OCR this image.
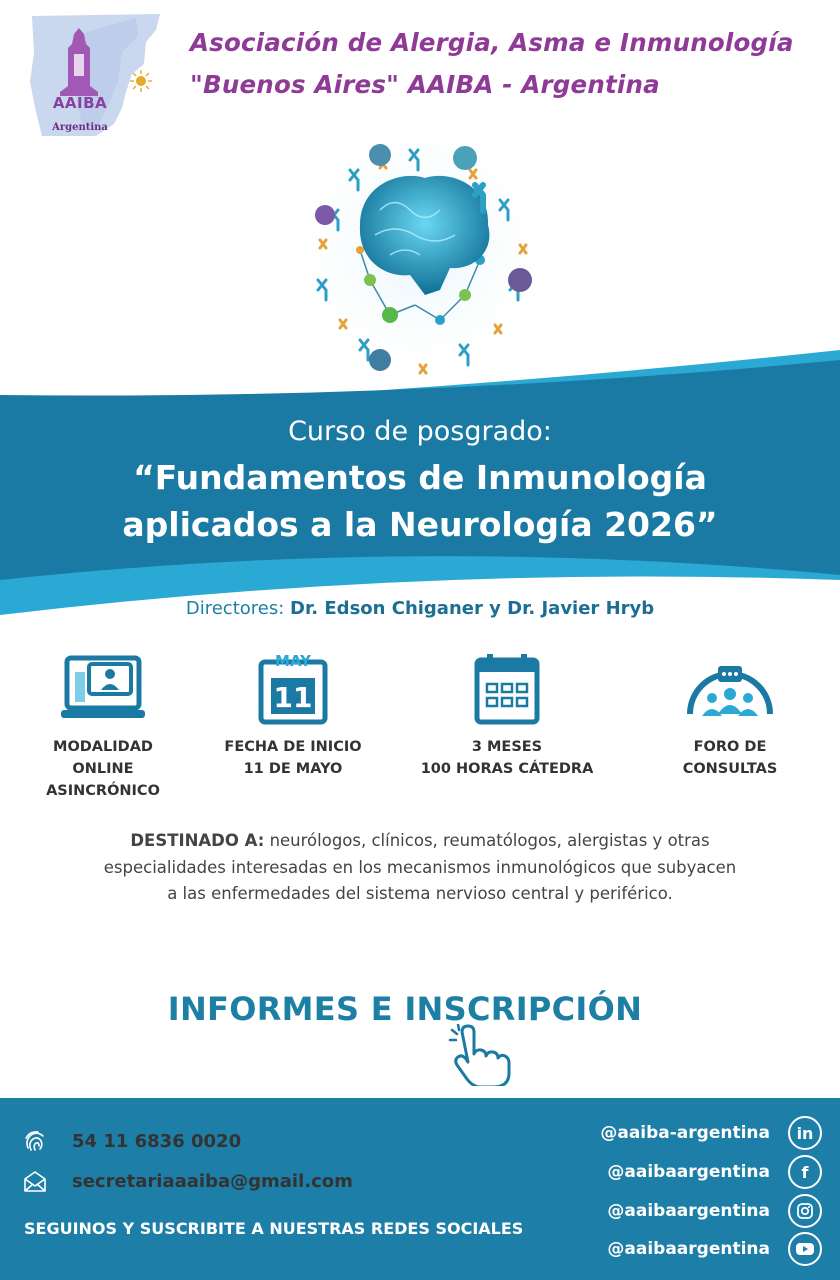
AAIBA
Argentina
Asociación de Alergia, Asma e Inmunología
"Buenos Aires" AAIBA - Argentina
Curso de posgrado:
“Fundamentos de Inmunología
aplicados a la Neurología 2026”
Directores: Dr. Edson Chiganer y Dr. Javier Hryb
MODALIDAD
ONLINE
ASINCRÓNICO
MAY
11
FECHA DE INICIO
11 DE MAYO
3 MESES
100 HORAS CÁTEDRA
FORO DE
CONSULTAS
DESTINADO A: neurólogos, clínicos, reumatólogos, alergistas y otras especialidades interesadas en los mecanismos inmunológicos que subyacen a las enfermedades del sistema nervioso central y periférico.
INFORMES E INSCRIPCIÓN
54 11 6836 0020
secretariaaaiba@gmail.com
SEGUINOS Y SUSCRIBITE A NUESTRAS REDES SOCIALES
@aaiba-argentina	in
@aaibaargentina	f
@aaibaargentina
@aaibaargentina
